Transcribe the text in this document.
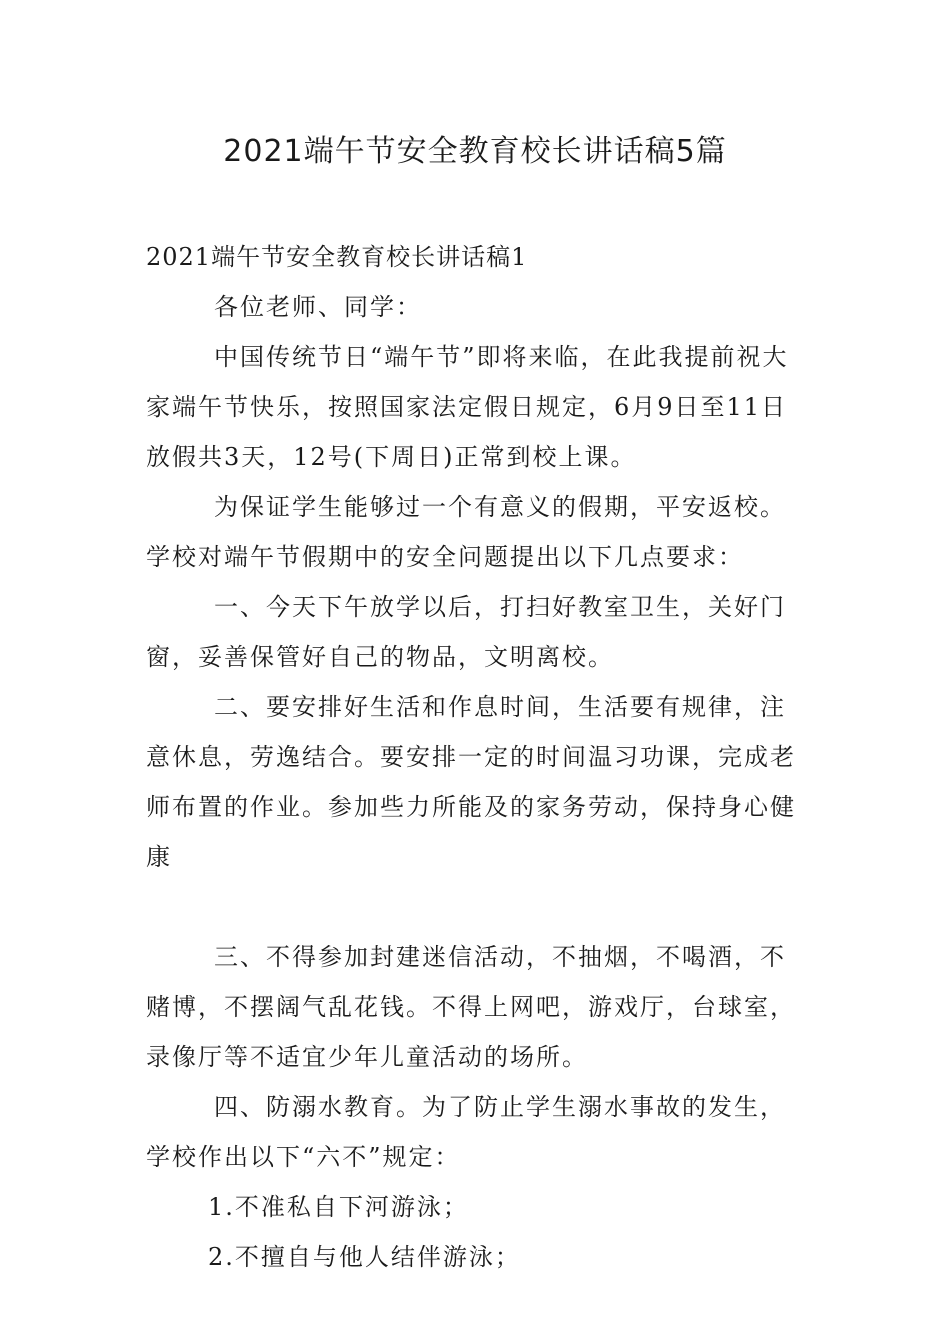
2021端午节安全教育校长讲话稿5篇

2021端午节安全教育校长讲话稿1

各位老师、同学：

中国传统节日“端午节”即将来临，在此我提前祝大家端午节快乐，按照国家法定假日规定，6月9日至11日放假共3天，12号(下周日)正常到校上课。

为保证学生能够过一个有意义的假期，平安返校。学校对端午节假期中的安全问题提出以下几点要求：

一、今天下午放学以后，打扫好教室卫生，关好门窗，妥善保管好自己的物品，文明离校。

二、要安排好生活和作息时间，生活要有规律，注意休息，劳逸结合。要安排一定的时间温习功课，完成老师布置的作业。参加些力所能及的家务劳动，保持身心健康

三、不得参加封建迷信活动，不抽烟，不喝酒，不赌博，不摆阔气乱花钱。不得上网吧，游戏厅，台球室，录像厅等不适宜少年儿童活动的场所。

四、防溺水教育。为了防止学生溺水事故的发生，学校作出以下“六不”规定：

1.不准私自下河游泳；

2.不擅自与他人结伴游泳；
